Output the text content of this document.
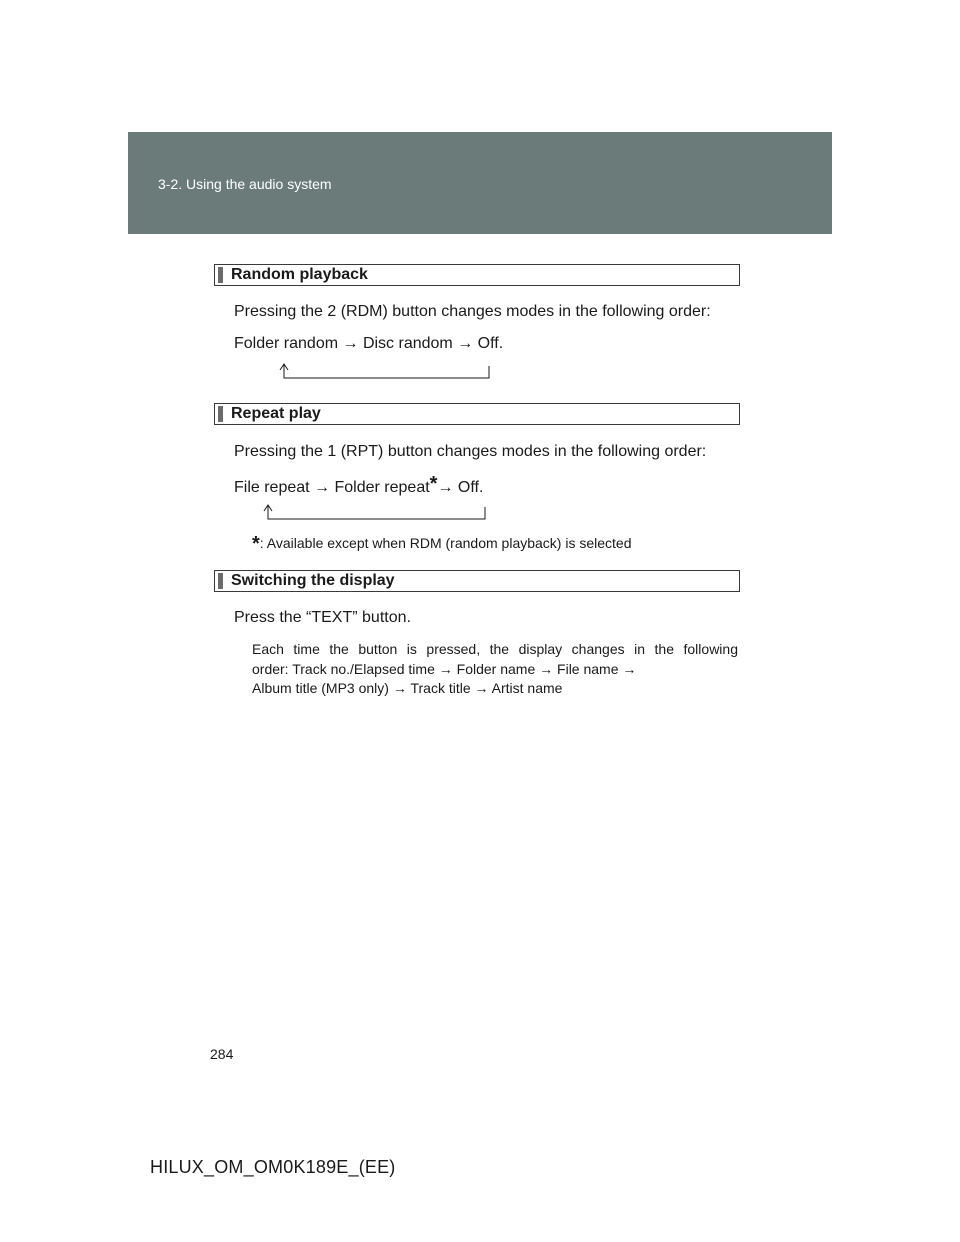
3-2. Using the audio system
Random playback
Pressing the 2 (RDM) button changes modes in the following order:
Folder random → Disc random → Off.
Repeat play
Pressing the 1 (RPT) button changes modes in the following order:
File repeat → Folder repeat*→ Off.
*: Available except when RDM (random playback) is selected
Switching the display
Press the “TEXT” button.
Each time the button is pressed, the display changes in the following
order: Track no./Elapsed time → Folder name → File name →
Album title (MP3 only) → Track title → Artist name
284
HILUX_OM_OM0K189E_(EE)
